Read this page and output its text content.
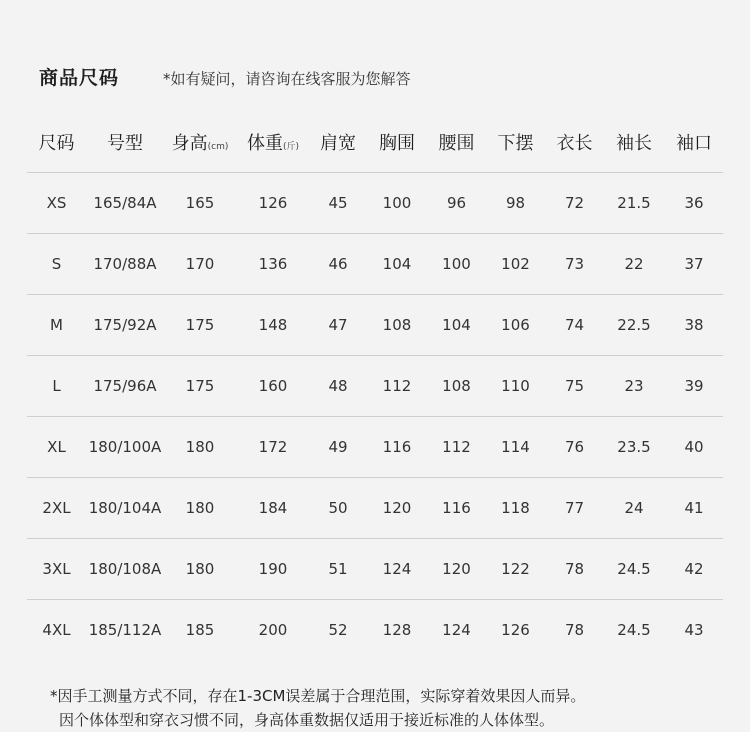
商品尺码	*如有疑问，请咨询在线客服为您解答
尺码	号型	身高(cm)	体重(斤)	肩宽	胸围	腰围	下摆	衣长	袖长	袖口
XS	165/84A	165	126	45	100	96	98	72	21.5	36
S	170/88A	170	136	46	104	100	102	73	22	37
M	175/92A	175	148	47	108	104	106	74	22.5	38
L	175/96A	175	160	48	112	108	110	75	23	39
XL	180/100A	180	172	49	116	112	114	76	23.5	40
2XL	180/104A	180	184	50	120	116	118	77	24	41
3XL	180/108A	180	190	51	124	120	122	78	24.5	42
4XL	185/112A	185	200	52	128	124	126	78	24.5	43
*因手工测量方式不同，存在1-3CM误差属于合理范围，实际穿着效果因人而异。
因个体体型和穿衣习惯不同，身高体重数据仅适用于接近标准的人体体型。
